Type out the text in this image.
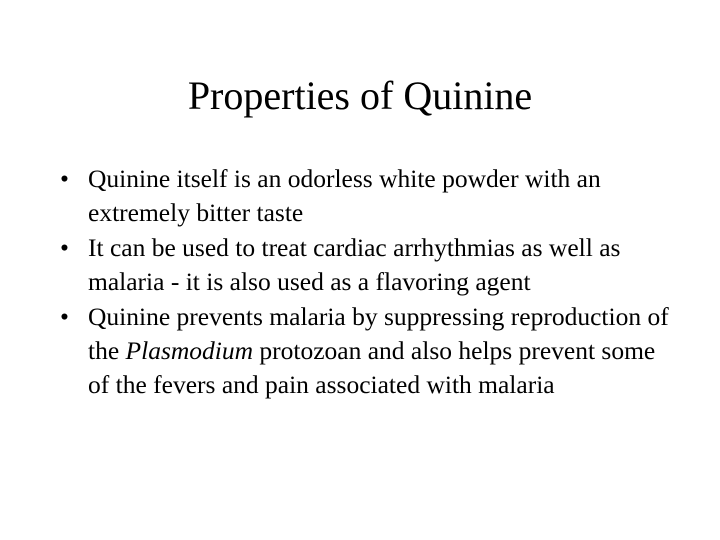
Properties of Quinine
• Quinine itself is an odorless white powder with an extremely bitter taste
• It can be used to treat cardiac arrhythmias as well as malaria - it is also used as a flavoring agent
• Quinine prevents malaria by suppressing reproduction of the Plasmodium protozoan and also helps prevent some of the fevers and pain associated with malaria
